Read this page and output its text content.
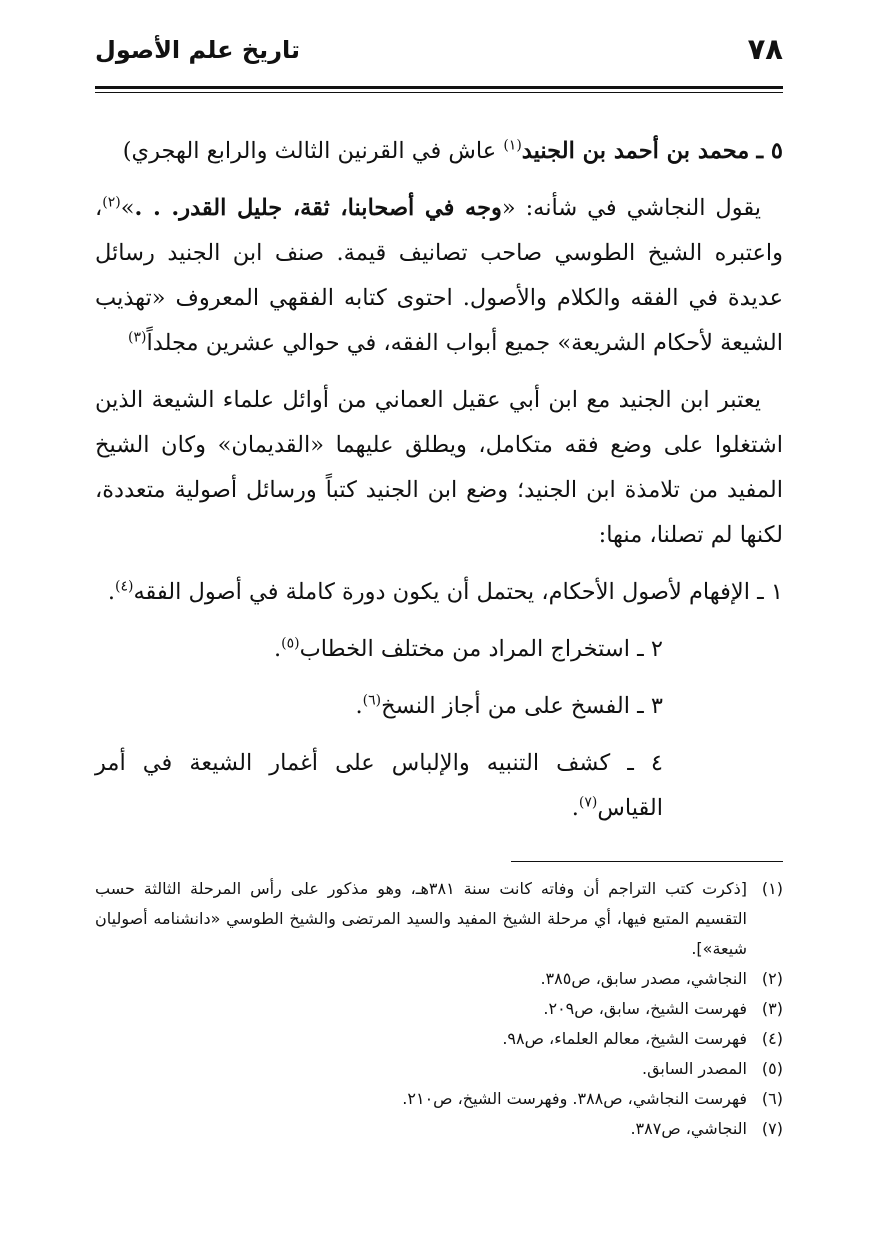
٧٨
تاريخ علم الأصول

٥ ـ محمد بن أحمد بن الجنيد$^{(١)}$ عاش في القرنين الثالث والرابع الهجري)

يقول النجاشي في شأنه: «وجه في أصحابنا، ثقة، جليل القدر. . .»$^{(٢)}$، واعتبره الشيخ الطوسي صاحب تصانيف قيمة. صنف ابن الجنيد رسائل عديدة في الفقه والكلام والأصول. احتوى كتابه الفقهي المعروف «تهذيب الشيعة لأحكام الشريعة» جميع أبواب الفقه، في حوالي عشرين مجلداً$^{(٣)}$

يعتبر ابن الجنيد مع ابن أبي عقيل العماني من أوائل علماء الشيعة الذين اشتغلوا على وضع فقه متكامل، ويطلق عليهما «القديمان» وكان الشيخ المفيد من تلامذة ابن الجنيد؛ وضع ابن الجنيد كتباً ورسائل أصولية متعددة، لكنها لم تصلنا، منها:

١ ـ الإفهام لأصول الأحكام، يحتمل أن يكون دورة كاملة في أصول الفقه$^{(٤)}$.

٢ ـ استخراج المراد من مختلف الخطاب$^{(٥)}$.

٣ ـ الفسخ على من أجاز النسخ$^{(٦)}$.

٤ ـ كشف التنبيه والإلباس على أغمار الشيعة في أمر القياس$^{(٧)}$.

(١)
[ذكرت كتب التراجم أن وفاته كانت سنة ٣٨١هـ، وهو مذكور على رأس المرحلة الثالثة حسب التقسيم المتبع فيها، أي مرحلة الشيخ المفيد والسيد المرتضى والشيخ الطوسي «دانشنامه أصوليان شيعة»].
(٢)
النجاشي، مصدر سابق، ص٣٨٥.
(٣)
فهرست الشيخ، سابق، ص٢٠٩.
(٤)
فهرست الشيخ، معالم العلماء، ص٩٨.
(٥)
المصدر السابق.
(٦)
فهرست النجاشي، ص٣٨٨. وفهرست الشيخ، ص٢١٠.
(٧)
النجاشي، ص٣٨٧.
